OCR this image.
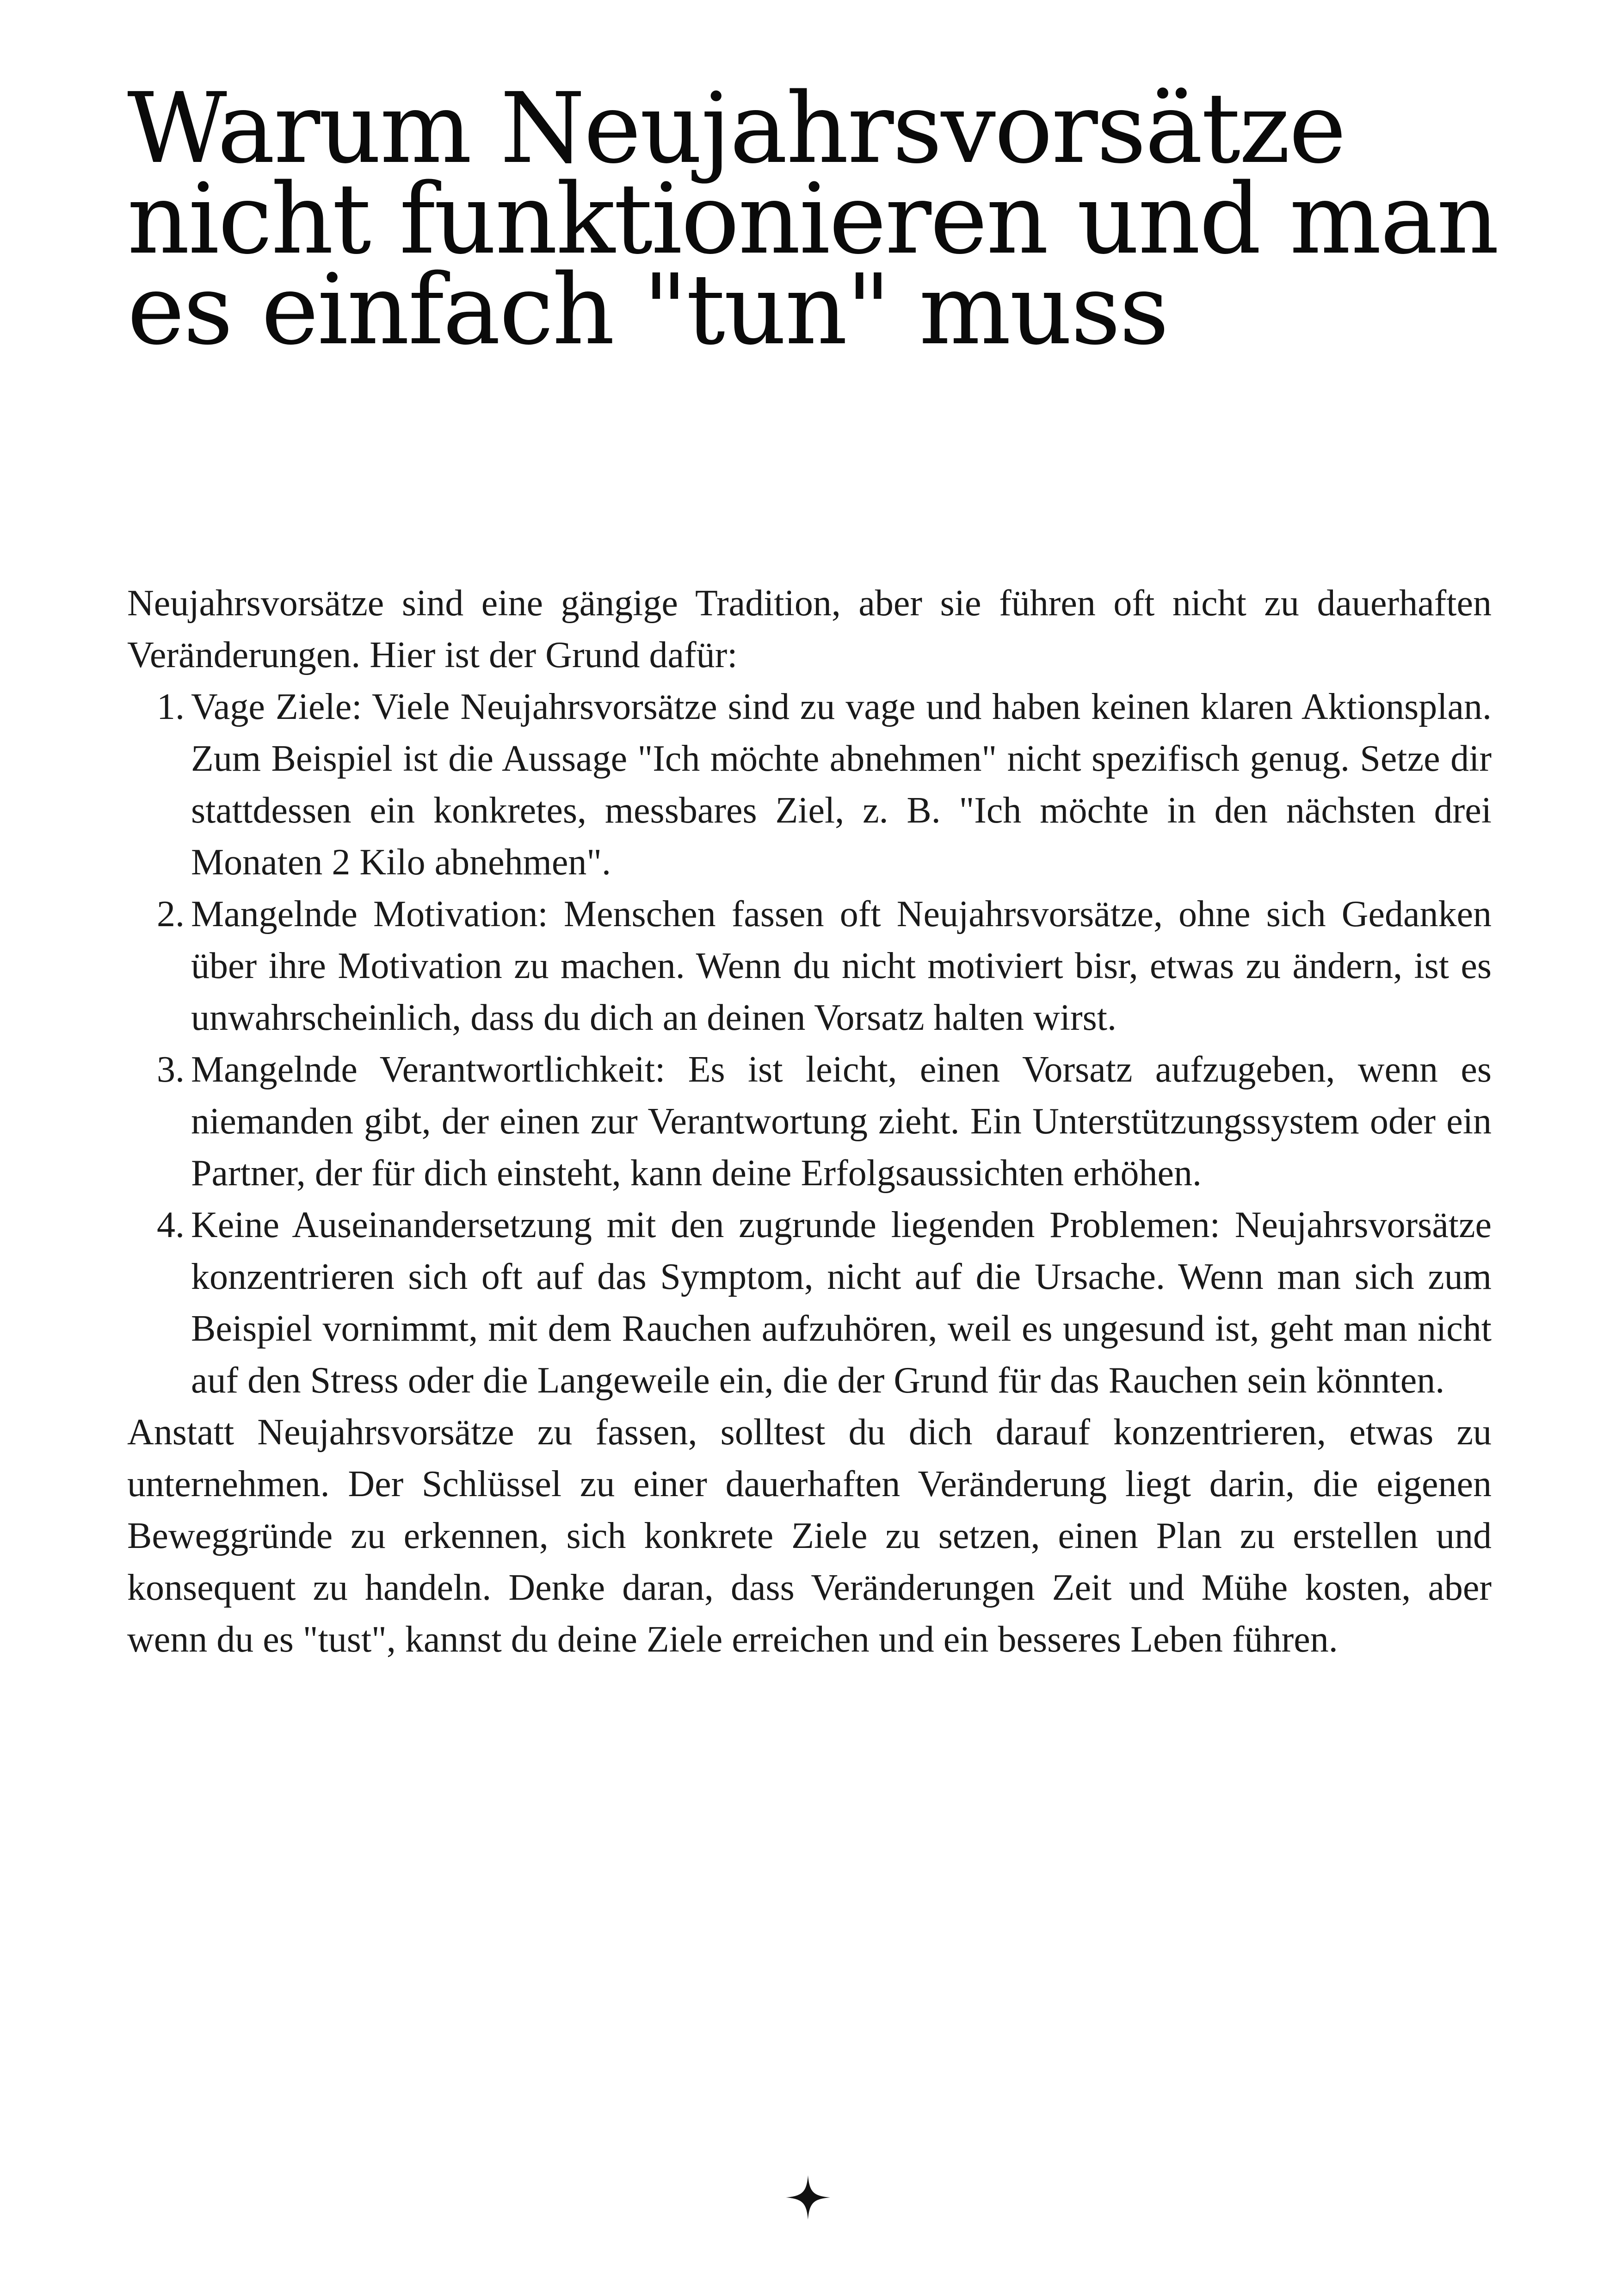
Warum Neujahrsvorsätze
nicht funktionieren und man
es einfach "tun" muss

Neujahrsvorsätze sind eine gängige Tradition, aber sie führen oft nicht zu dauerhaften Veränderungen. Hier ist der Grund dafür:

1. Vage Ziele: Viele Neujahrsvorsätze sind zu vage und haben keinen klaren Aktionsplan. Zum Beispiel ist die Aussage "Ich möchte abnehmen" nicht spezifisch genug. Setze dir stattdessen ein konkretes, messbares Ziel, z. B. "Ich möchte in den nächsten drei Monaten 2 Kilo abnehmen".
2. Mangelnde Motivation: Menschen fassen oft Neujahrsvorsätze, ohne sich Gedanken über ihre Motivation zu machen. Wenn du nicht motiviert bisr, etwas zu ändern, ist es unwahrscheinlich, dass du dich an deinen Vorsatz halten wirst.
3. Mangelnde Verantwortlichkeit: Es ist leicht, einen Vorsatz aufzugeben, wenn es niemanden gibt, der einen zur Verantwortung zieht. Ein Unterstützungssystem oder ein Partner, der für dich einsteht, kann deine Erfolgsaussichten erhöhen.
4. Keine Auseinandersetzung mit den zugrunde liegenden Problemen: Neujahrsvorsätze konzentrieren sich oft auf das Symptom, nicht auf die Ursache. Wenn man sich zum Beispiel vornimmt, mit dem Rauchen aufzuhören, weil es ungesund ist, geht man nicht auf den Stress oder die Langeweile ein, die der Grund für das Rauchen sein könnten.

Anstatt Neujahrsvorsätze zu fassen, solltest du dich darauf konzentrieren, etwas zu unternehmen. Der Schlüssel zu einer dauerhaften Veränderung liegt darin, die eigenen Beweggründe zu erkennen, sich konkrete Ziele zu setzen, einen Plan zu erstellen und konsequent zu handeln. Denke daran, dass Veränderungen Zeit und Mühe kosten, aber wenn du es "tust", kannst du deine Ziele erreichen und ein besseres Leben führen.
